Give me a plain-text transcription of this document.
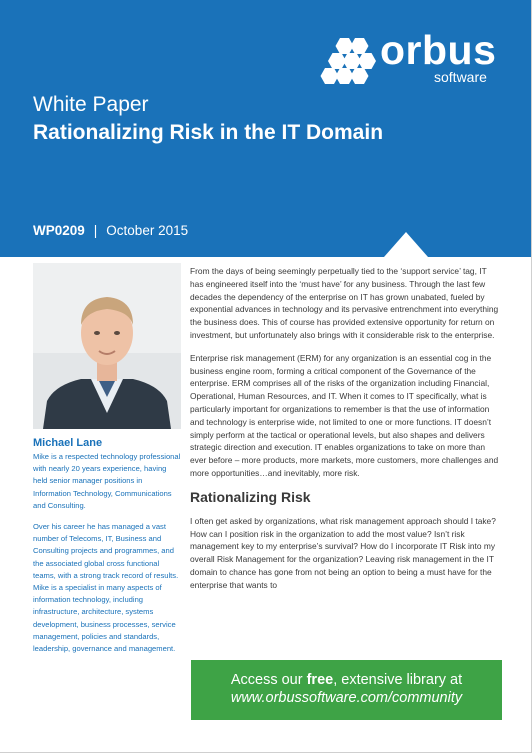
orbus
software
White Paper
Rationalizing Risk in the IT Domain
WP0209 | October 2015
Michael Lane

Mike is a respected technology professional with nearly 20 years experience, having held senior manager positions in Information Technology, Communications and Consulting.

Over his career he has managed a vast number of Telecoms, IT, Business and Consulting projects and programmes, and the associated global cross functional teams, with a strong track record of results. Mike is a specialist in many aspects of information technology, including infrastructure, architecture, systems development, business processes, service management, policies and standards, leadership, governance and management.

From the days of being seemingly perpetually tied to the ‘support service’ tag, IT has engineered itself into the ‘must have’ for any business. Through the last few decades the dependency of the enterprise on IT has grown unabated, fueled by exponential advances in technology and its pervasive entrenchment into everything the business does. This of course has provided extensive opportunity for return on investment, but unfortunately also brings with it considerable risk to the enterprise.

Enterprise risk management (ERM) for any organization is an essential cog in the business engine room, forming a critical component of the Governance of the enterprise. ERM comprises all of the risks of the organization including Financial, Operational, Human Resources, and IT. When it comes to IT specifically, what is particularly important for organizations to remember is that the use of information and technology is enterprise wide, not limited to one or more functions. IT doesn’t simply perform at the tactical or operational levels, but also shapes and delivers strategic direction and execution. IT enables organizations to take on more than ever before – more products, more markets, more customers, more challenges and more opportunities…and inevitably, more risk.

Rationalizing Risk

I often get asked by organizations, what risk management approach should I take? How can I position risk in the organization to add the most value? Isn’t risk management key to my enterprise’s survival? How do I incorporate IT Risk into my overall Risk Management for the organization? Leaving risk management in the IT domain to chance has gone from not being an option to being a must have for the enterprise that wants to

Access our free, extensive library at
www.orbussoftware.com/community
